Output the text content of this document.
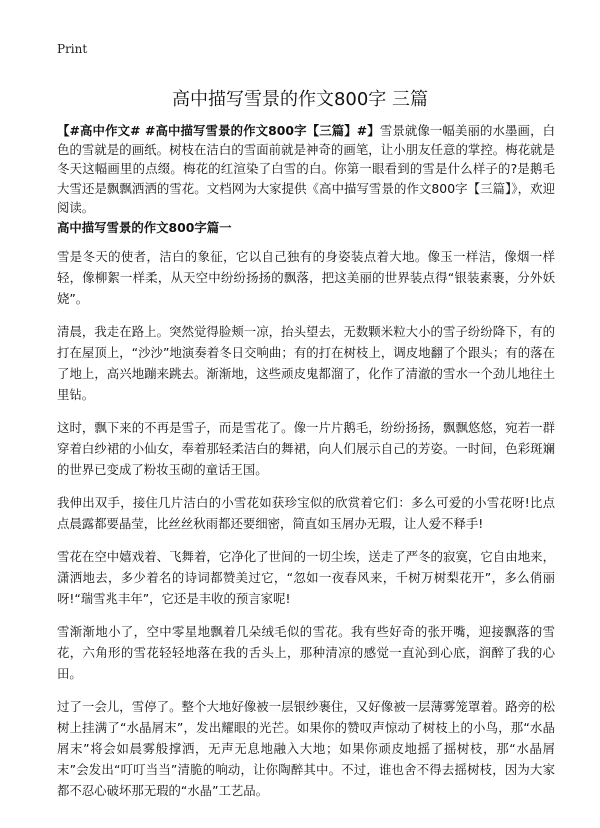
Print
高中描写雪景的作文800字 三篇

【#高中作文# #高中描写雪景的作文800字【三篇】#】雪景就像一幅美丽的水墨画，白色的雪就是的画纸。树枝在洁白的雪面前就是神奇的画笔，让小朋友任意的掌控。梅花就是冬天这幅画里的点缀。梅花的红渲染了白雪的白。你第一眼看到的雪是什么样子的?是鹅毛大雪还是飘飘洒洒的雪花。文档网为大家提供《高中描写雪景的作文800字【三篇】》，欢迎阅读。

高中描写雪景的作文800字篇一

雪是冬天的使者，洁白的象征，它以自己独有的身姿装点着大地。像玉一样洁，像烟一样轻，像柳絮一样柔，从天空中纷纷扬扬的飘落，把这美丽的世界装点得“银装素裹，分外妖娆”。

清晨，我走在路上。突然觉得脸颊一凉，抬头望去，无数颗米粒大小的雪子纷纷降下，有的打在屋顶上，“沙沙”地演奏着冬日交响曲；有的打在树枝上，调皮地翻了个跟头；有的落在了地上，高兴地蹦来跳去。渐渐地，这些顽皮鬼都溜了，化作了清澈的雪水一个劲儿地往土里钻。

这时，飘下来的不再是雪子，而是雪花了。像一片片鹅毛，纷纷扬扬，飘飘悠悠，宛若一群穿着白纱裙的小仙女，奉着那轻柔洁白的舞裙，向人们展示自己的芳姿。一时间，色彩斑斓的世界已变成了粉妆玉砌的童话王国。

我伸出双手，接住几片洁白的小雪花如获珍宝似的欣赏着它们：多么可爱的小雪花呀!比点点晨露都要晶莹，比丝丝秋雨都还要细密，简直如玉屑办无瑕，让人爱不释手!

雪花在空中嬉戏着、飞舞着，它净化了世间的一切尘埃，送走了严冬的寂寞，它自由地来，潇洒地去，多少着名的诗词都赞美过它，“忽如一夜春风来，千树万树梨花开”，多么俏丽呀!“瑞雪兆丰年”，它还是丰收的预言家呢!

雪渐渐地小了，空中零星地飘着几朵绒毛似的雪花。我有些好奇的张开嘴，迎接飘落的雪花，六角形的雪花轻轻地落在我的舌头上，那种清凉的感觉一直沁到心底，润醉了我的心田。

过了一会儿，雪停了。整个大地好像被一层银纱裹住，又好像被一层薄雾笼罩着。路旁的松树上挂满了“水晶屑末”，发出耀眼的光芒。如果你的赞叹声惊动了树枝上的小鸟，那“水晶屑末”将会如晨雾般撑洒，无声无息地融入大地；如果你顽皮地摇了摇树枝，那“水晶屑末”会发出“叮叮当当”清脆的响动，让你陶醉其中。不过，谁也舍不得去摇树枝，因为大家都不忍心破坏那无瑕的“水晶”工艺品。
